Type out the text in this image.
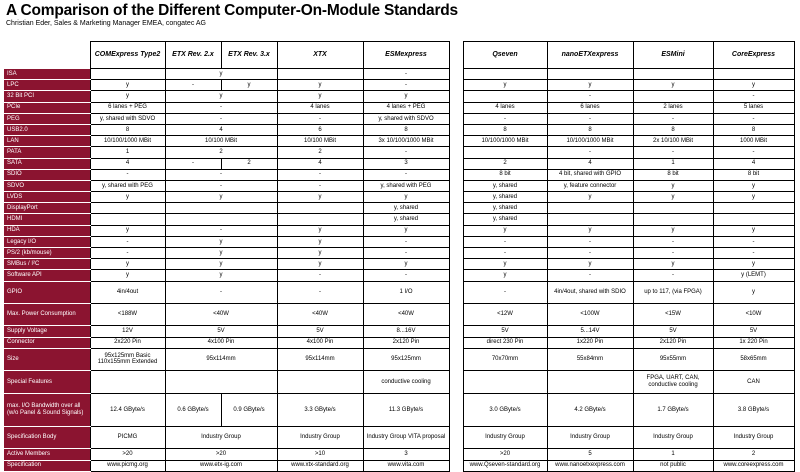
A Comparison of the Different Computer-On-Module Standards
Christian Eder, Sales & Marketing Manager EMEA, congatec AG
	COMExpress Type2	ETX Rev. 2.x	ETX Rev. 3.x	XTX	ESMexpress		Qseven	nanoETXexpress	ESMini	CoreExpress
ISA		y			-					
LPC	y	-	y	y	-		y	y	y	y
32 Bit PCI	y	y		y	y			-		-
PCIe	6 lanes + PEG	-		4 lanes	4 lanes + PEG		4 lanes	6 lanes	2 lanes	5 lanes
PEG	y, shared with SDVO	-		-	y, shared with SDVO		-	-	-	-
USB2.0	8	4		6	8		8	8	8	8
LAN	10/100/1000 MBit	10/100 MBit		10/100 MBit	3x 10/100/1000 MBit		10/100/1000 MBit	10/100/1000 MBit	2x 10/100 MBit	1000 MBit
PATA	1	2		2	-			-	-	-
SATA	4	-	2	4	3		2	4	1	4
SDIO	-	-		-	-		8 bit	4 bit, shared with GPIO	8 bit	8 bit
SDVO	y, shared with PEG	-		-	y, shared with PEG		y, shared	y, feature connector	y	y
LVDS	y	y		y	y		y, shared	y	y	y
DisplayPort					y, shared		y, shared			
HDMI					y, shared		y, shared			
HDA	y	-		y	y		y	y	y	y
Legacy I/O	-	y		y	-		-	-	-	-
PS/2 (kb/mouse)	-	y		y	-		-	-	-	-
SMBus / I²C	y	y		y	y		y	y	y	y
Software API	y	y		-	-		y	-	-	y (LEMT)
GPIO	4in/4out	-		-	1 I/O		-	4in/4out, shared with SDIO	up to 117, (via FPGA)	y
Max. Power Consumption	<188W	<40W		<40W	<40W		<12W	<100W	<15W	<10W
Supply Voltage	12V	5V		5V	8...16V		5V	5...14V	5V	5V
Connector	2x220 Pin	4x100 Pin		4x100 Pin	2x120 Pin		direct 230 Pin	1x220 Pin	2x120 Pin	1x 220 Pin
Size	95x125mm Basic 110x155mm Extended	95x114mm		95x114mm	95x125mm		70x70mm	55x84mm	95x55mm	58x65mm
Special Features					conductive cooling				FPGA, UART, CAN, conductive cooling	CAN
max. I/O Bandwidth over all (w/o Panel & Sound Signals)	12.4 GByte/s	0.6 GByte/s	0.9 GByte/s	3.3 GByte/s	11.3 GByte/s		3.0 GByte/s	4.2 GByte/s	1.7 GByte/s	3.8 GByte/s
Specification Body	PICMG	Industry Group		Industry Group	Industry Group VITA proposal		Industry Group	Industry Group	Industry Group	Industry Group
Active Members	>20	>20		>10	3		>20	5	1	2
Specification	www.picmg.org	www.etx-ig.com		www.xtx-standard.org	www.vita.com		www.Qseven-standard.org	www.nanoetxexpress.com	not public	www.coreexpress.com
